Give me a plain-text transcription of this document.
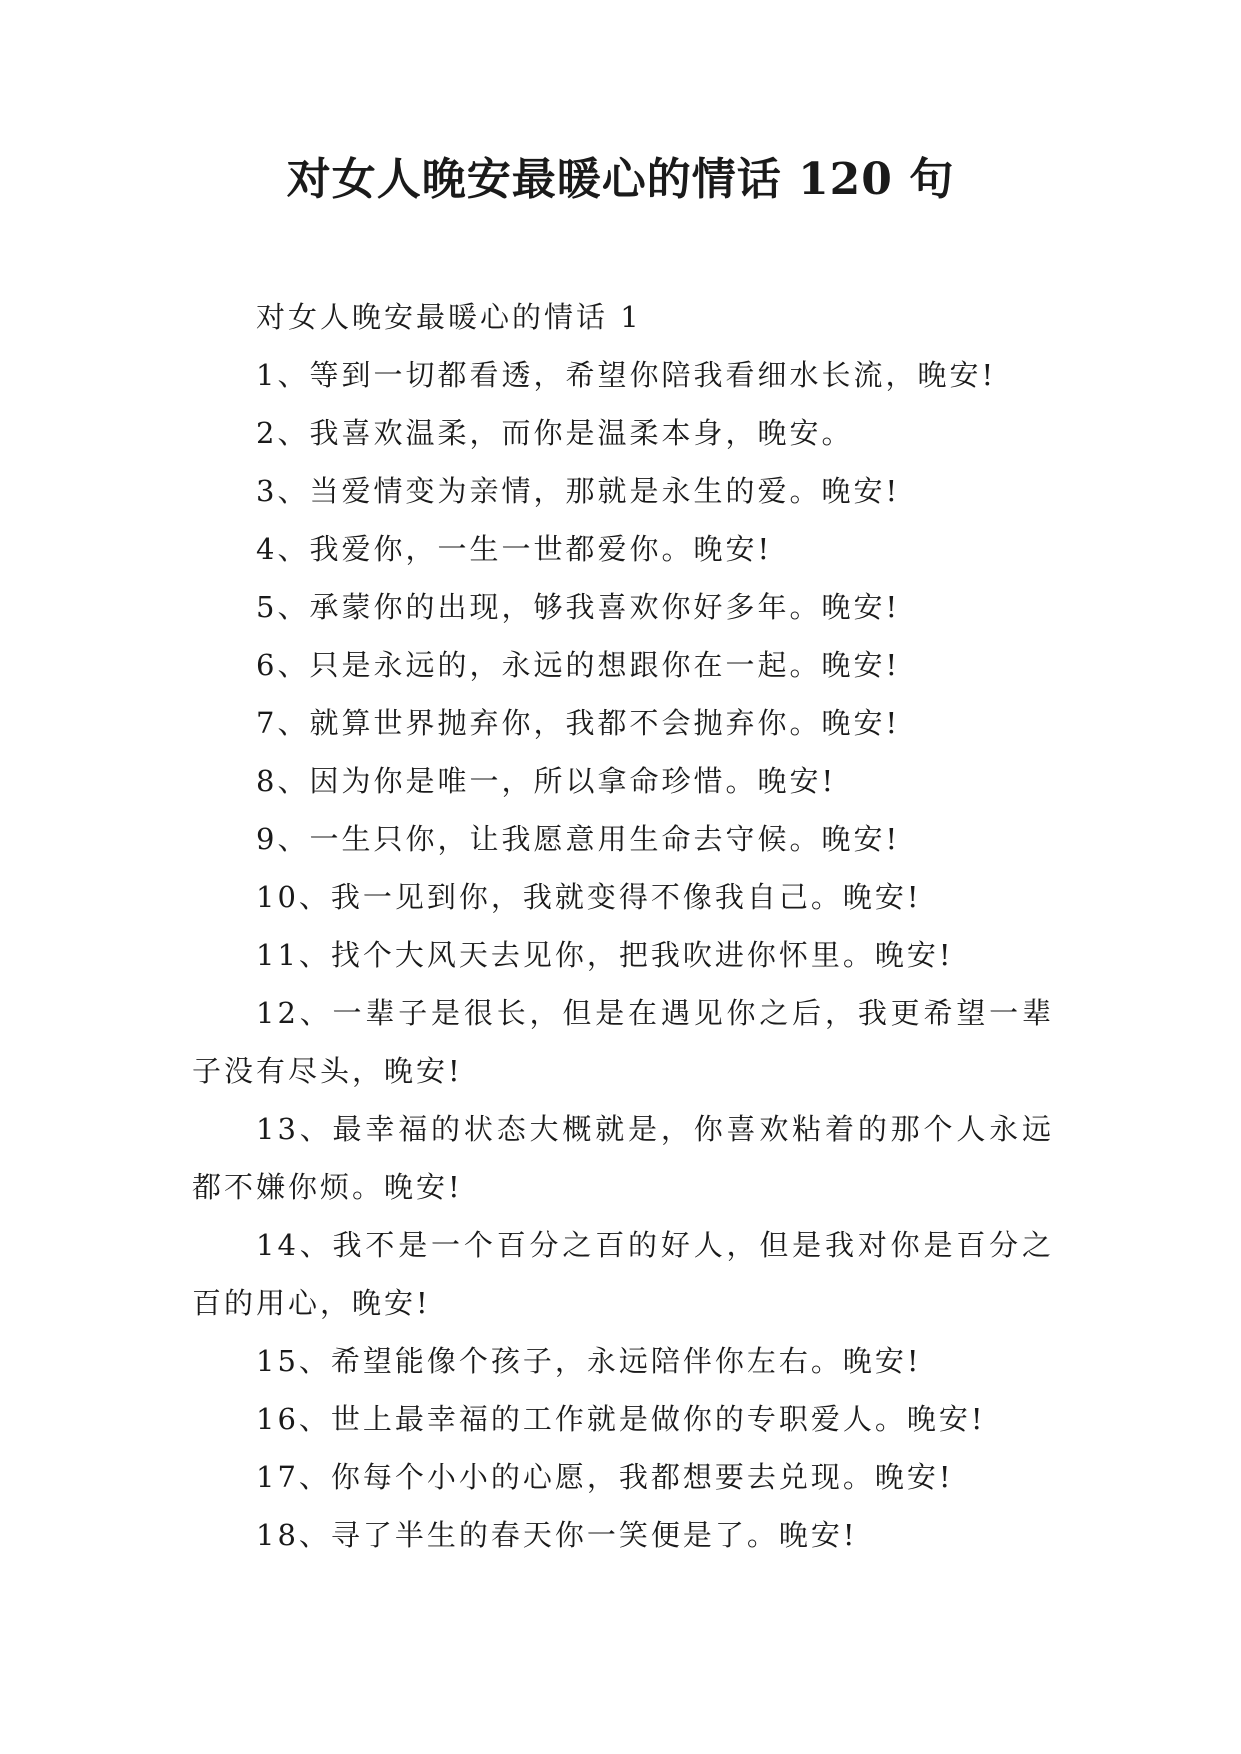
对女人晚安最暖心的情话 120 句

对女人晚安最暖心的情话 1

1、等到一切都看透，希望你陪我看细水长流，晚安!

2、我喜欢温柔，而你是温柔本身，晚安。

3、当爱情变为亲情，那就是永生的爱。晚安!

4、我爱你，一生一世都爱你。晚安!

5、承蒙你的出现，够我喜欢你好多年。晚安!

6、只是永远的，永远的想跟你在一起。晚安!

7、就算世界抛弃你，我都不会抛弃你。晚安!

8、因为你是唯一，所以拿命珍惜。晚安!

9、一生只你，让我愿意用生命去守候。晚安!

10、我一见到你，我就变得不像我自己。晚安!

11、找个大风天去见你，把我吹进你怀里。晚安!

12、一辈子是很长，但是在遇见你之后，我更希望一辈子没有尽头，晚安!

13、最幸福的状态大概就是，你喜欢粘着的那个人永远都不嫌你烦。晚安!

14、我不是一个百分之百的好人，但是我对你是百分之百的用心，晚安!

15、希望能像个孩子，永远陪伴你左右。晚安!

16、世上最幸福的工作就是做你的专职爱人。晚安!

17、你每个小小的心愿，我都想要去兑现。晚安!

18、寻了半生的春天你一笑便是了。晚安!
